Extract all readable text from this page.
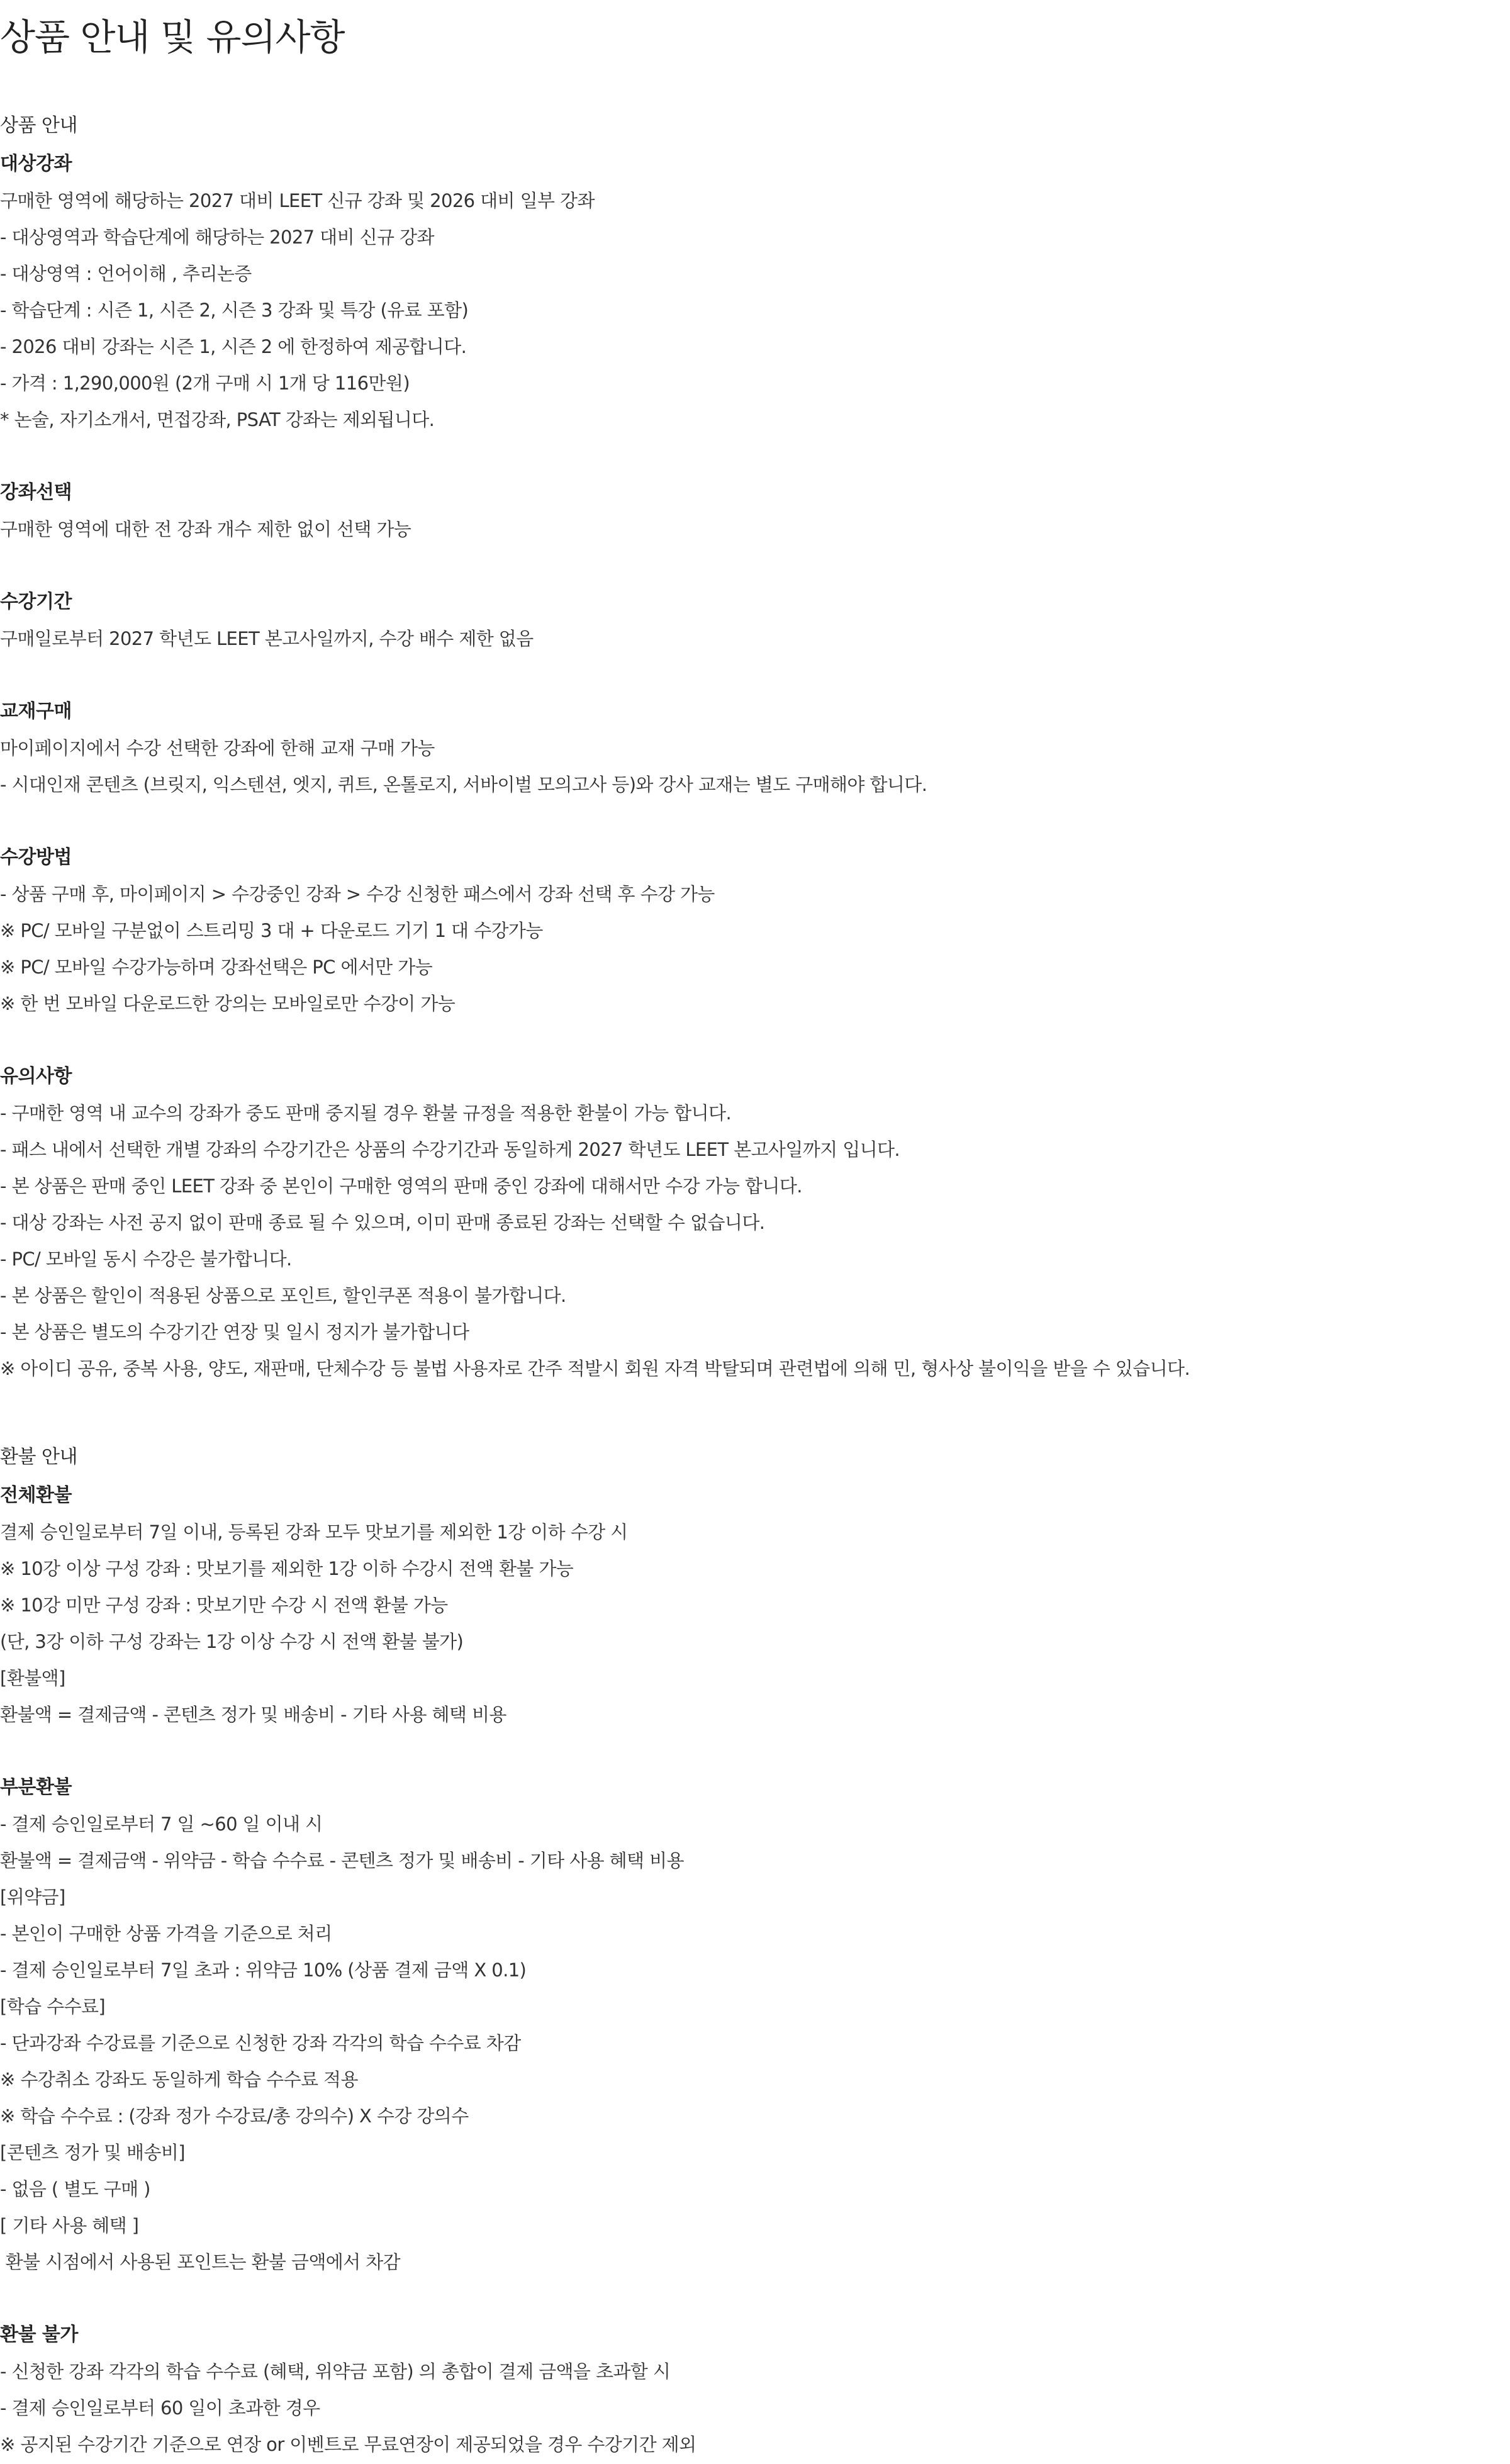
상품 안내 및 유의사항
상품 안내
대상강좌
구매한 영역에 해당하는 2027 대비 LEET 신규 강좌 및 2026 대비 일부 강좌
- 대상영역과 학습단계에 해당하는 2027 대비 신규 강좌
- 대상영역 : 언어이해 , 추리논증
- 학습단계 : 시즌 1, 시즌 2, 시즌 3 강좌 및 특강 (유료 포함)
- 2026 대비 강좌는 시즌 1, 시즌 2 에 한정하여 제공합니다.
- 가격 : 1,290,000원 (2개 구매 시 1개 당 116만원)
* 논술, 자기소개서, 면접강좌, PSAT 강좌는 제외됩니다.
강좌선택
구매한 영역에 대한 전 강좌 개수 제한 없이 선택 가능
수강기간
구매일로부터 2027 학년도 LEET 본고사일까지, 수강 배수 제한 없음
교재구매
마이페이지에서 수강 선택한 강좌에 한해 교재 구매 가능
- 시대인재 콘텐츠 (브릿지, 익스텐션, 엣지, 퀴트, 온톨로지, 서바이벌 모의고사 등)와 강사 교재는 별도 구매해야 합니다.
수강방법
- 상품 구매 후, 마이페이지 > 수강중인 강좌 > 수강 신청한 패스에서 강좌 선택 후 수강 가능
※ PC/ 모바일 구분없이 스트리밍 3 대 + 다운로드 기기 1 대 수강가능
※ PC/ 모바일 수강가능하며 강좌선택은 PC 에서만 가능
※ 한 번 모바일 다운로드한 강의는 모바일로만 수강이 가능
유의사항
- 구매한 영역 내 교수의 강좌가 중도 판매 중지될 경우 환불 규정을 적용한 환불이 가능 합니다.
- 패스 내에서 선택한 개별 강좌의 수강기간은 상품의 수강기간과 동일하게 2027 학년도 LEET 본고사일까지 입니다.
- 본 상품은 판매 중인 LEET 강좌 중 본인이 구매한 영역의 판매 중인 강좌에 대해서만 수강 가능 합니다.
- 대상 강좌는 사전 공지 없이 판매 종료 될 수 있으며, 이미 판매 종료된 강좌는 선택할 수 없습니다.
- PC/ 모바일 동시 수강은 불가합니다.
- 본 상품은 할인이 적용된 상품으로 포인트, 할인쿠폰 적용이 불가합니다.
- 본 상품은 별도의 수강기간 연장 및 일시 정지가 불가합니다
※ 아이디 공유, 중복 사용, 양도, 재판매, 단체수강 등 불법 사용자로 간주 적발시 회원 자격 박탈되며 관련법에 의해 민, 형사상 불이익을 받을 수 있습니다.
환불 안내
전체환불
결제 승인일로부터 7일 이내, 등록된 강좌 모두 맛보기를 제외한 1강 이하 수강 시
※ 10강 이상 구성 강좌 : 맛보기를 제외한 1강 이하 수강시 전액 환불 가능
※ 10강 미만 구성 강좌 : 맛보기만 수강 시 전액 환불 가능
(단, 3강 이하 구성 강좌는 1강 이상 수강 시 전액 환불 불가)
[환불액]
환불액 = 결제금액 - 콘텐츠 정가 및 배송비 - 기타 사용 혜택 비용
부분환불
- 결제 승인일로부터 7 일 ~60 일 이내 시
환불액 = 결제금액 - 위약금 - 학습 수수료 - 콘텐츠 정가 및 배송비 - 기타 사용 혜택 비용
[위약금]
- 본인이 구매한 상품 가격을 기준으로 처리
- 결제 승인일로부터 7일 초과 : 위약금 10% (상품 결제 금액 X 0.1)
[학습 수수료]
- 단과강좌 수강료를 기준으로 신청한 강좌 각각의 학습 수수료 차감
※ 수강취소 강좌도 동일하게 학습 수수료 적용
※ 학습 수수료 : (강좌 정가 수강료/총 강의수) X 수강 강의수
[콘텐츠 정가 및 배송비]
- 없음 ( 별도 구매 )
[ 기타 사용 혜택 ]
환불 시점에서 사용된 포인트는 환불 금액에서 차감
환불 불가
- 신청한 강좌 각각의 학습 수수료 (혜택, 위약금 포함) 의 총합이 결제 금액을 초과할 시
- 결제 승인일로부터 60 일이 초과한 경우
※ 공지된 수강기간 기준으로 연장 or 이벤트로 무료연장이 제공되었을 경우 수강기간 제외
